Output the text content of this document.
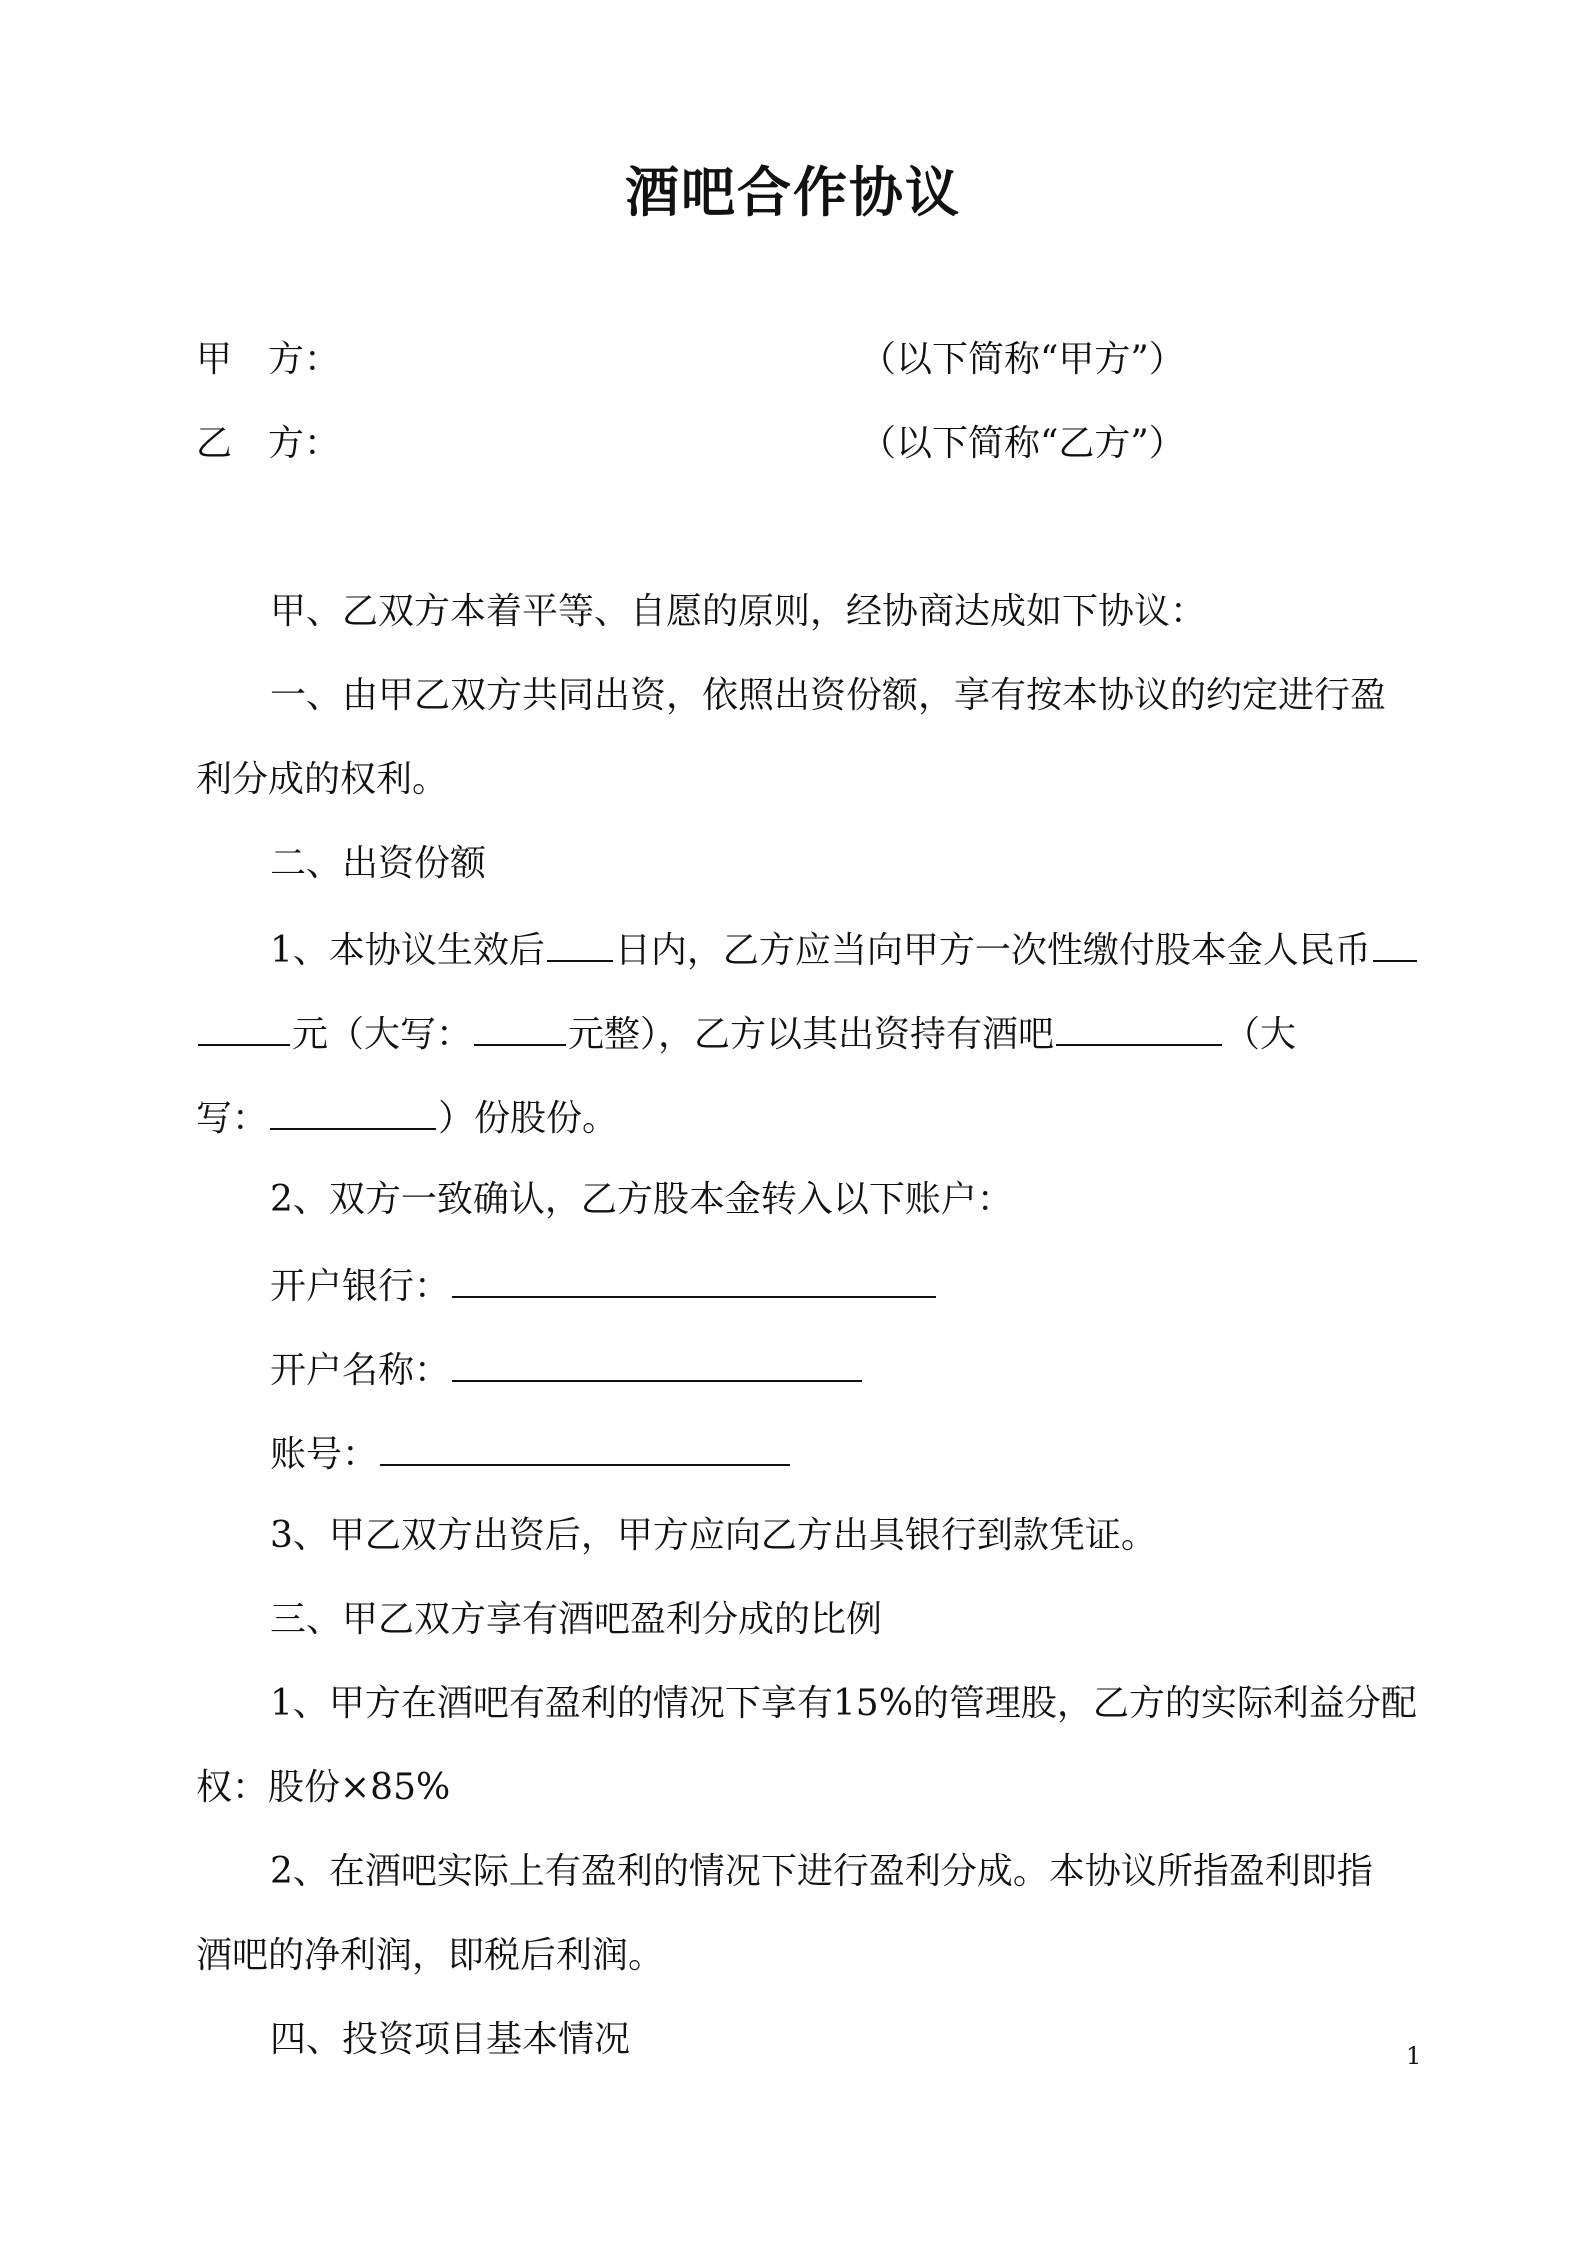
酒吧合作协议
甲　方：	（以下简称“甲方”）
乙　方：	（以下简称“乙方”）
甲、乙双方本着平等、自愿的原则，经协商达成如下协议：
一、由甲乙双方共同出资，依照出资份额，享有按本协议的约定进行盈
利分成的权利。
二、出资份额
1、本协议生效后 日内，乙方应当向甲方一次性缴付股本金人民币
元（大写：	元整），乙方以其出资持有酒吧	（大
写：	）份股份。
2、双方一致确认，乙方股本金转入以下账户：
开户银行：
开户名称：
账号：
3、甲乙双方出资后，甲方应向乙方出具银行到款凭证。
三、甲乙双方享有酒吧盈利分成的比例
1、甲方在酒吧有盈利的情况下享有15%的管理股，乙方的实际利益分配
权：股份×85%
2、在酒吧实际上有盈利的情况下进行盈利分成。本协议所指盈利即指
酒吧的净利润，即税后利润。
四、投资项目基本情况	1
